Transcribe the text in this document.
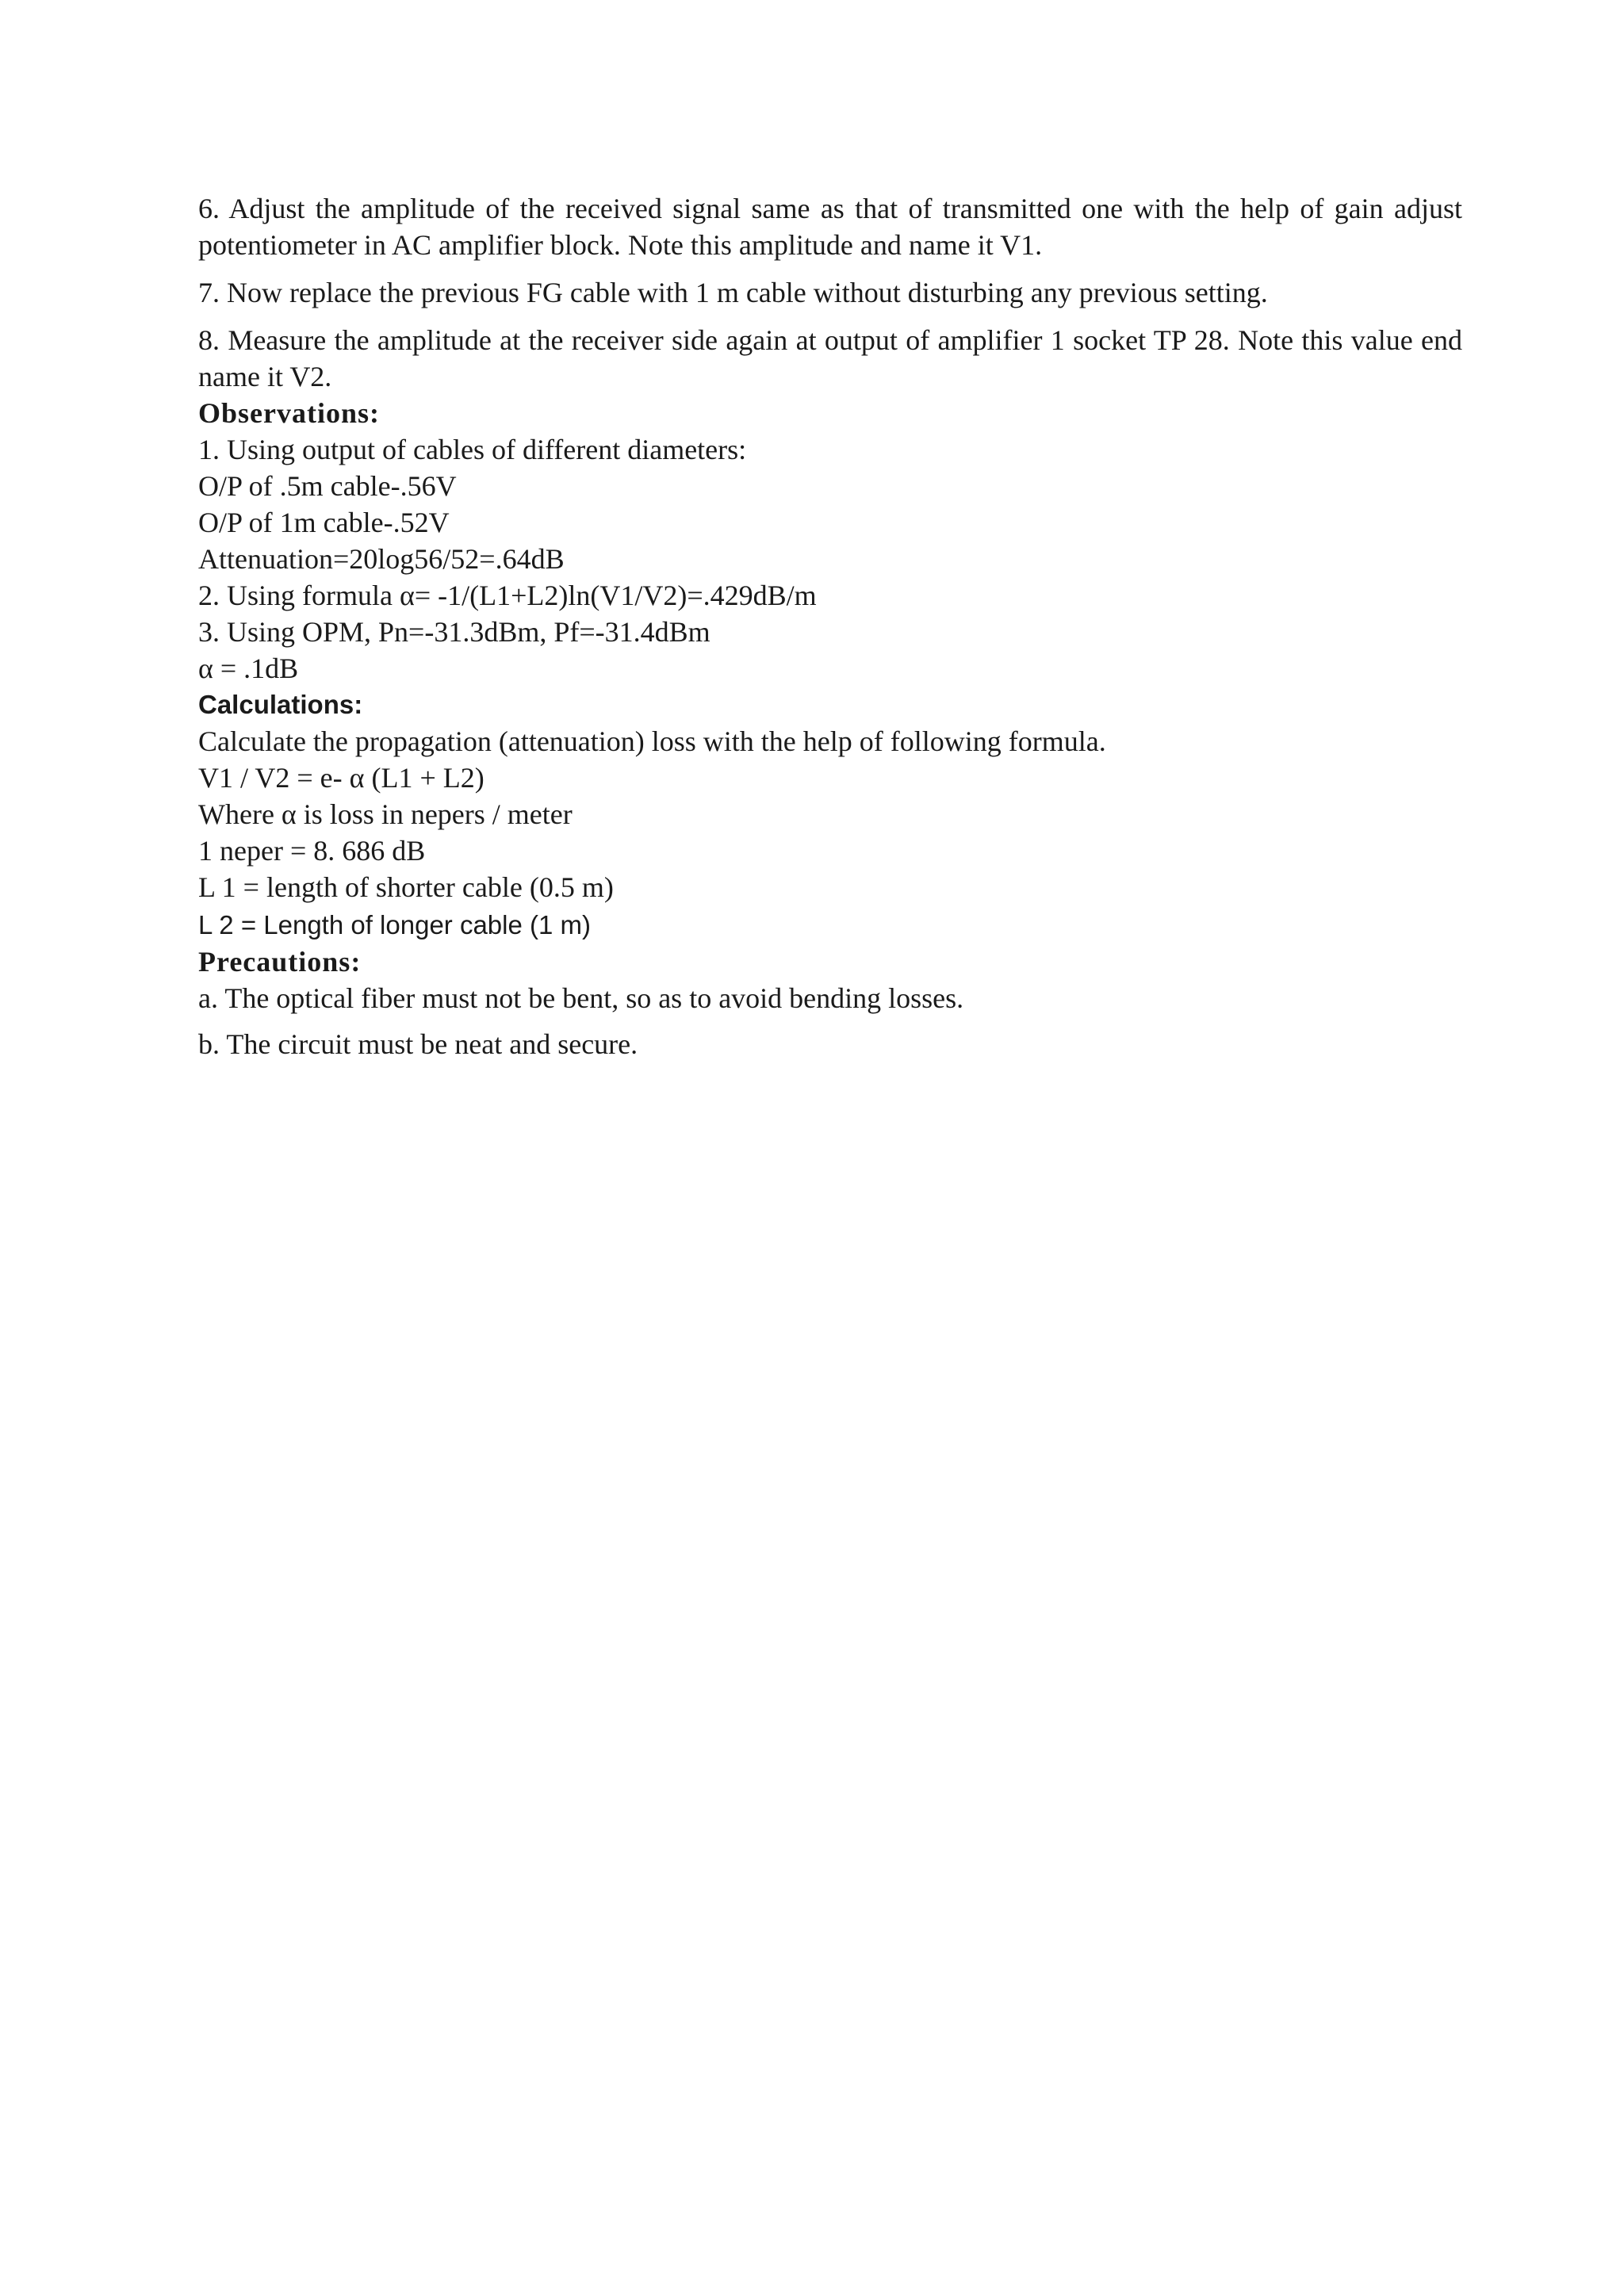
6. Adjust the amplitude of the received signal same as that of transmitted one with the help of gain adjust potentiometer in AC amplifier block. Note this amplitude and name it V1.

7. Now replace the previous FG cable with 1 m cable without disturbing any previous setting.

8. Measure the amplitude at the receiver side again at output of amplifier 1 socket TP 28. Note this value end name it V2.

Observations:

1. Using output of cables of different diameters:

O/P of .5m cable-.56V

O/P of 1m cable-.52V

Attenuation=20log56/52=.64dB

2. Using formula α= -1/(L1+L2)ln(V1/V2)=.429dB/m

3. Using OPM, Pn=-31.3dBm, Pf=-31.4dBm

α = .1dB

Calculations:

Calculate the propagation (attenuation) loss with the help of following formula.

V1 / V2 = e- α (L1 + L2)

Where α is loss in nepers / meter

1 neper = 8. 686 dB

L 1 = length of shorter cable (0.5 m)

L 2 = Length of longer cable (1 m)

Precautions:

a. The optical fiber must not be bent, so as to avoid bending losses.

b. The circuit must be neat and secure.
